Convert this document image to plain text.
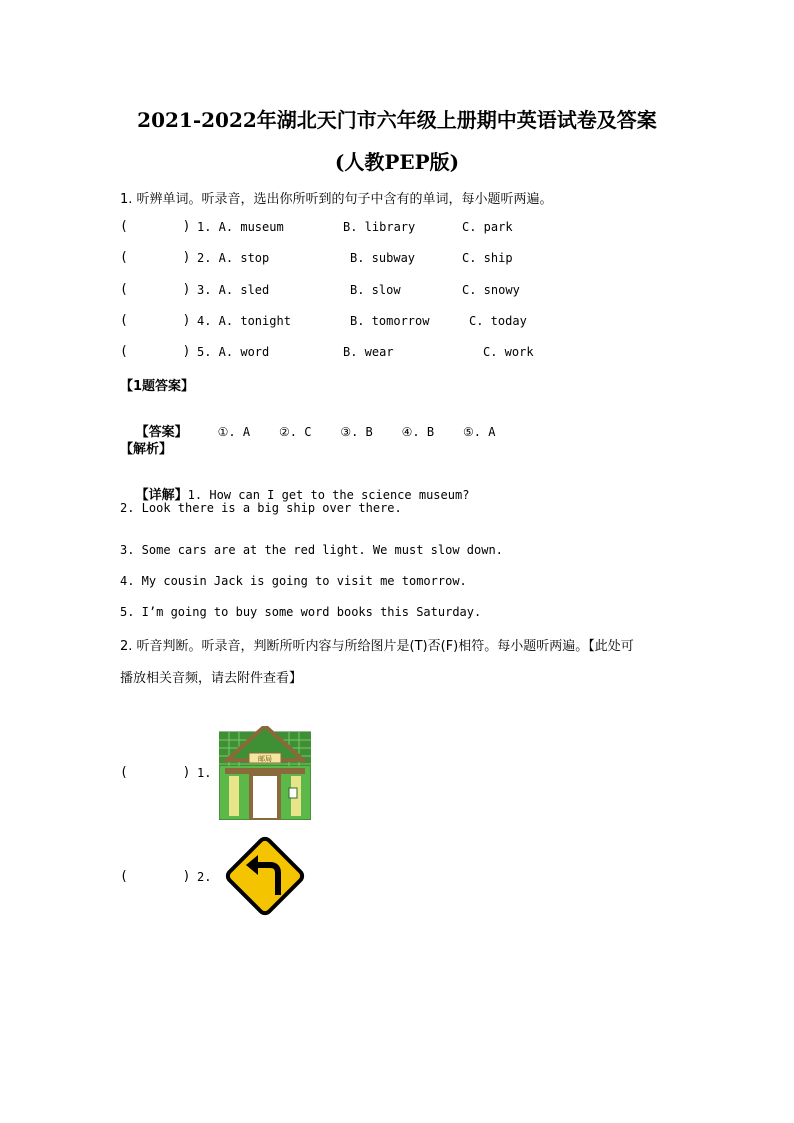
2021-2022年湖北天门市六年级上册期中英语试卷及答案
(人教PEP版)
1. 听辨单词。听录音，选出你所听到的句子中含有的单词，每小题听两遍。
(       ) 1. A. museum	B. library	C. park
(       ) 2. A. stop	B. subway	C. ship
(       ) 3. A. sled	B. slow	C. snowy
(       ) 4. A. tonight	B. tomorrow	C. today
(       ) 5. A. word	B. wear	C. work
【1题答案】

【答案】	①. A    ②. C    ③. B    ④. B    ⑤. A

【解析】

【详解】1. How can I get to the science museum?

2. Look there is a big ship over there.
3. Some cars are at the red light. We must slow down.
4. My cousin Jack is going to visit me tomorrow.
5. I’m going to buy some word books this Saturday.
2. 听音判断。听录音，判断所听内容与所给图片是(T)否(F)相符。每小题听两遍。【此处可
播放相关音频，请去附件查看】
(       ) 1.
邮局
(       ) 2.
